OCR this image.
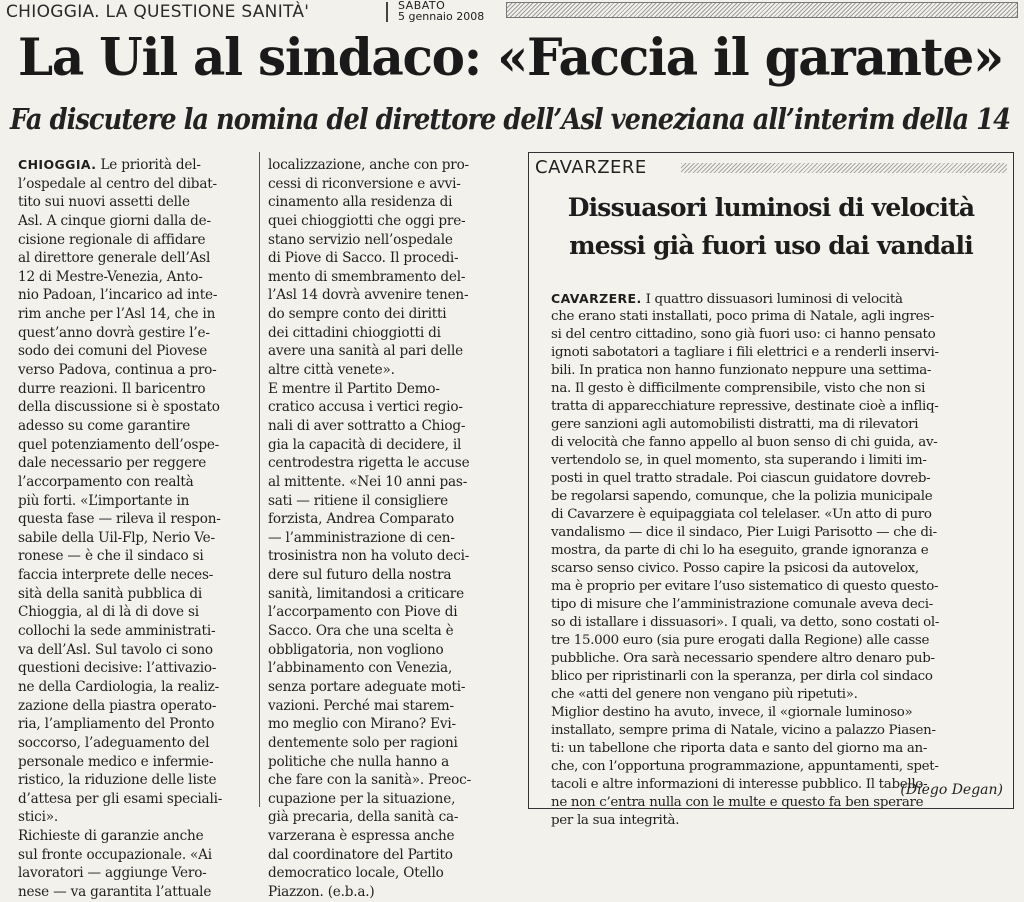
CHIOGGIA. LA QUESTIONE SANITÀ'	SABATO
5 gennaio 2008
La Uil al sindaco: «Faccia il garante»
Fa discutere la nomina del direttore dell’Asl veneziana all’interim della 14
CHIOGGIA. Le priorità del-
l’ospedale al centro del dibat-
tito sui nuovi assetti delle
Asl. A cinque giorni dalla de-
cisione regionale di affidare
al direttore generale dell’Asl
12 di Mestre-Venezia, Anto-
nio Padoan, l’incarico ad inte-
rim anche per l’Asl 14, che in
quest’anno dovrà gestire l’e-
sodo dei comuni del Piovese
verso Padova, continua a pro-
durre reazioni. Il baricentro
della discussione si è spostato
adesso su come garantire
quel potenziamento dell’ospe-
dale necessario per reggere
l’accorpamento con realtà
più forti. «L’importante in
questa fase — rileva il respon-
sabile della Uil-Flp, Nerio Ve-
ronese — è che il sindaco si
faccia interprete delle neces-
sità della sanità pubblica di
Chioggia, al di là di dove si
collochi la sede amministrati-
va dell’Asl. Sul tavolo ci sono
questioni decisive: l’attivazio-
ne della Cardiologia, la realiz-
zazione della piastra operato-
ria, l’ampliamento del Pronto
soccorso, l’adeguamento del
personale medico e infermie-
ristico, la riduzione delle liste
d’attesa per gli esami speciali-
stici».
Richieste di garanzie anche
sul fronte occupazionale. «Ai
lavoratori — aggiunge Vero-
nese — va garantita l’attuale
localizzazione, anche con pro-
cessi di riconversione e avvi-
cinamento alla residenza di
quei chioggiotti che oggi pre-
stano servizio nell’ospedale
di Piove di Sacco. Il procedi-
mento di smembramento del-
l’Asl 14 dovrà avvenire tenen-
do sempre conto dei diritti
dei cittadini chioggiotti di
avere una sanità al pari delle
altre città venete».
E mentre il Partito Demo-
cratico accusa i vertici regio-
nali di aver sottratto a Chiog-
gia la capacità di decidere, il
centrodestra rigetta le accuse
al mittente. «Nei 10 anni pas-
sati — ritiene il consigliere
forzista, Andrea Comparato
— l’amministrazione di cen-
trosinistra non ha voluto deci-
dere sul futuro della nostra
sanità, limitandosi a criticare
l’accorpamento con Piove di
Sacco. Ora che una scelta è
obbligatoria, non vogliono
l’abbinamento con Venezia,
senza portare adeguate moti-
vazioni. Perché mai starem-
mo meglio con Mirano? Evi-
dentemente solo per ragioni
politiche che nulla hanno a
che fare con la sanità». Preoc-
cupazione per la situazione,
già precaria, della sanità ca-
varzerana è espressa anche
dal coordinatore del Partito
democratico locale, Otello
Piazzon. (e.b.a.)
CAVARZERE
Dissuasori luminosi di velocità
messi già fuori uso dai vandali
CAVARZERE. I quattro dissuasori luminosi di velocità
che erano stati installati, poco prima di Natale, agli ingres-
si del centro cittadino, sono già fuori uso: ci hanno pensato
ignoti sabotatori a tagliare i fili elettrici e a renderli inservi-
bili. In pratica non hanno funzionato neppure una settima-
na. Il gesto è difficilmente comprensibile, visto che non si
tratta di apparecchiature repressive, destinate cioè a infliq-
gere sanzioni agli automobilisti distratti, ma di rilevatori
di velocità che fanno appello al buon senso di chi guida, av-
vertendolo se, in quel momento, sta superando i limiti im-
posti in quel tratto stradale. Poi ciascun guidatore dovreb-
be regolarsi sapendo, comunque, che la polizia municipale
di Cavarzere è equipaggiata col telelaser. «Un atto di puro
vandalismo — dice il sindaco, Pier Luigi Parisotto — che di-
mostra, da parte di chi lo ha eseguito, grande ignoranza e
scarso senso civico. Posso capire la psicosi da autovelox,
ma è proprio per evitare l’uso sistematico di questo questo-
tipo di misure che l’amministrazione comunale aveva deci-
so di istallare i dissuasori». I quali, va detto, sono costati ol-
tre 15.000 euro (sia pure erogati dalla Regione) alle casse
pubbliche. Ora sarà necessario spendere altro denaro pub-
blico per ripristinarli con la speranza, per dirla col sindaco
che «atti del genere non vengano più ripetuti».
Miglior destino ha avuto, invece, il «giornale luminoso»
installato, sempre prima di Natale, vicino a palazzo Piasen-
ti: un tabellone che riporta data e santo del giorno ma an-
che, con l’opportuna programmazione, appuntamenti, spet-
tacoli e altre informazioni di interesse pubblico. Il tabello-
ne non c’entra nulla con le multe e questo fa ben sperare
per la sua integrità.
(Diego Degan)
